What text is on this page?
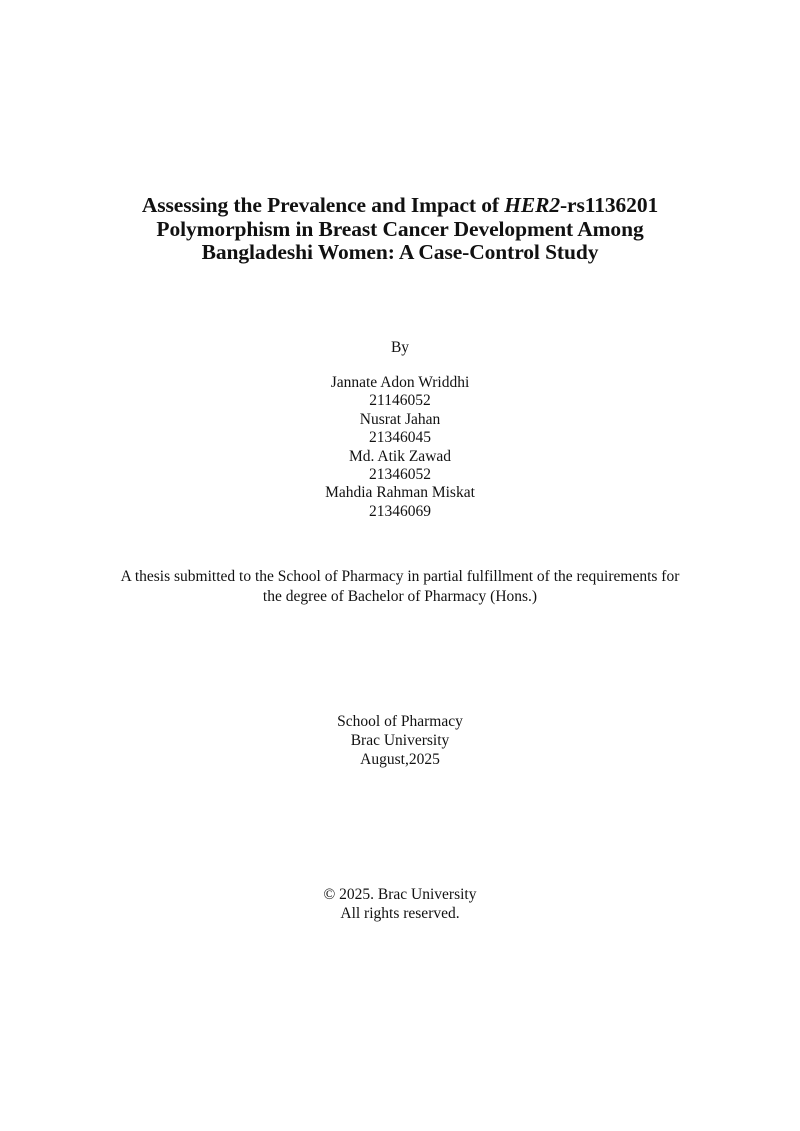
Assessing the Prevalence and Impact of HER2-rs1136201
Polymorphism in Breast Cancer Development Among
Bangladeshi Women: A Case-Control Study
By
Jannate Adon Wriddhi
21146052
Nusrat Jahan
21346045
Md. Atik Zawad
21346052
Mahdia Rahman Miskat
21346069
A thesis submitted to the School of Pharmacy in partial fulfillment of the requirements for
the degree of Bachelor of Pharmacy (Hons.)
School of Pharmacy
Brac University
August,2025
© 2025. Brac University
All rights reserved.
